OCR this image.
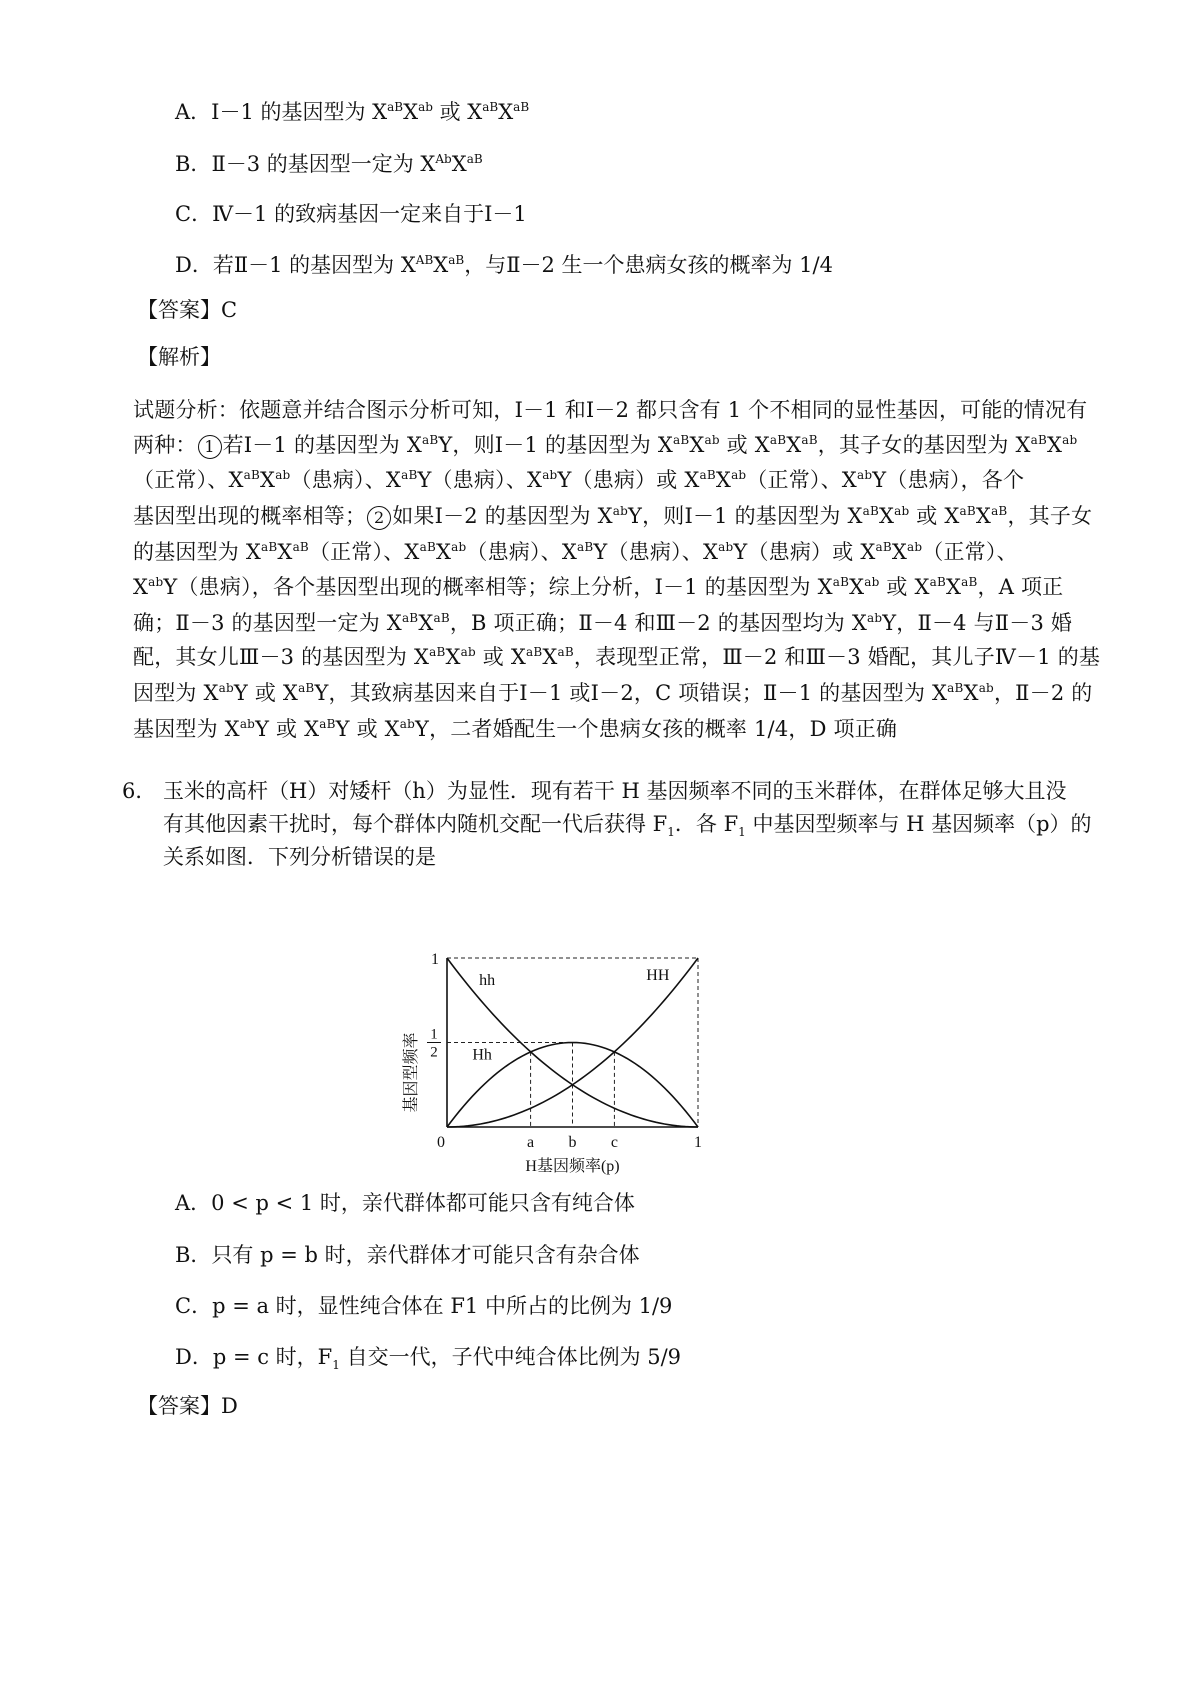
A．Ⅰ－1 的基因型为 $X^{aB}X^{ab}$ 或 $X^{aB}X^{aB}$
B．Ⅱ－3 的基因型一定为 $X^{Ab}X^{aB}$
C．Ⅳ－1 的致病基因一定来自于Ⅰ－1
D．若Ⅱ－1 的基因型为 $X^{AB}X^{aB}$，与Ⅱ－2 生一个患病女孩的概率为 1/4
【答案】C
【解析】
试题分析：依题意并结合图示分析可知，Ⅰ－1 和Ⅰ－2 都只含有 1 个不相同的显性基因，可能的情况有
两种： 1 若Ⅰ－1 的基因型为 $X^{aB}Y$，则Ⅰ－1 的基因型为 $X^{aB}X^{ab}$ 或 $X^{aB}X^{aB}$，其子女的基因型为 $X^{aB}X^{ab}$
（正常）、$X^{aB}X^{ab}$（患病）、$X^{aB}Y$（患病）、$X^{ab}Y$（患病）或 $X^{aB}X^{ab}$（正常）、$X^{ab}Y$（患病），各个
基因型出现的概率相等； 2 如果Ⅰ－2 的基因型为 $X^{ab}Y$，则Ⅰ－1 的基因型为 $X^{aB}X^{ab}$ 或 $X^{aB}X^{aB}$，其子女
的基因型为 $X^{aB}X^{aB}$（正常）、$X^{aB}X^{ab}$（患病）、$X^{aB}Y$（患病）、$X^{ab}Y$（患病）或 $X^{aB}X^{ab}$（正常）、
$X^{ab}Y$（患病），各个基因型出现的概率相等；综上分析，Ⅰ－1 的基因型为 $X^{aB}X^{ab}$ 或 $X^{aB}X^{aB}$，A 项正
确；Ⅱ－3 的基因型一定为 $X^{aB}X^{aB}$，B 项正确；Ⅱ－4 和Ⅲ－2 的基因型均为 $X^{ab}Y$，Ⅱ－4 与Ⅱ－3 婚
配，其女儿Ⅲ－3 的基因型为 $X^{aB}X^{ab}$ 或 $X^{aB}X^{aB}$，表现型正常，Ⅲ－2 和Ⅲ－3 婚配，其儿子Ⅳ－1 的基
因型为 $X^{ab}Y$ 或 $X^{aB}Y$，其致病基因来自于Ⅰ－1 或Ⅰ－2，C 项错误；Ⅱ－1 的基因型为 $X^{aB}X^{ab}$，Ⅱ－2 的
基因型为 $X^{ab}Y$ 或 $X^{aB}Y$ 或 $X^{ab}Y$，二者婚配生一个患病女孩的概率 1/4，D 项正确
6． 玉米的高杆（H）对矮杆（h）为显性．现有若干 H 基因频率不同的玉米群体，在群体足够大且没
有其他因素干扰时，每个群体内随机交配一代后获得 $F_1$．各 $F_1$ 中基因型频率与 H 基因频率（p）的
关系如图．下列分析错误的是
hh
Hh
HH
0	a b c	1
1
1
2
基因型频率
H基因频率(p)
A．0 < p < 1 时，亲代群体都可能只含有纯合体
B．只有 p = b 时，亲代群体才可能只含有杂合体
C．p = a 时，显性纯合体在 F1 中所占的比例为 1/9
D．p = c 时，$F_1$ 自交一代，子代中纯合体比例为 5/9
【答案】D
